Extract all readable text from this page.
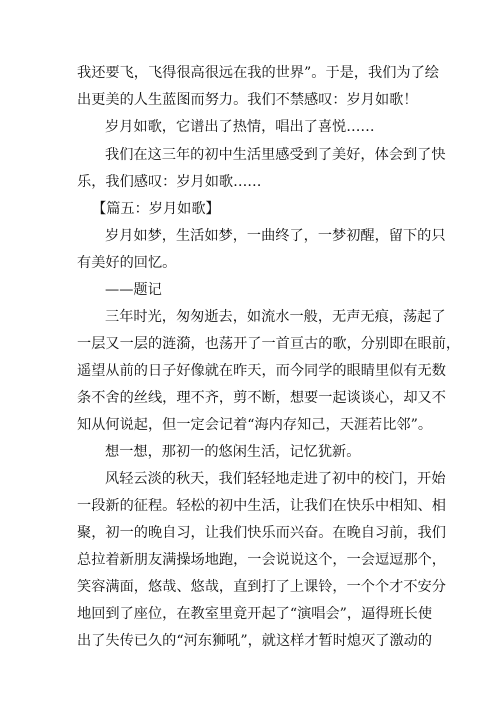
我还要飞，飞得很高很远在我的世界”。于是，我们为了绘
出更美的人生蓝图而努力。我们不禁感叹：岁月如歌！
岁月如歌，它谱出了热情，唱出了喜悦……
我们在这三年的初中生活里感受到了美好，体会到了快
乐，我们感叹：岁月如歌……
【篇五：岁月如歌】
岁月如梦，生活如梦，一曲终了，一梦初醒，留下的只
有美好的回忆。
——题记
三年时光，匆匆逝去，如流水一般，无声无痕，荡起了
一层又一层的涟漪，也荡开了一首亘古的歌，分别即在眼前，
遥望从前的日子好像就在昨天，而今同学的眼睛里似有无数
条不舍的丝线，理不齐，剪不断，想要一起谈谈心，却又不
知从何说起，但一定会记着“海内存知己，天涯若比邻”。
想一想，那初一的悠闲生活，记忆犹新。
风轻云淡的秋天，我们轻轻地走进了初中的校门，开始
一段新的征程。轻松的初中生活，让我们在快乐中相知、相
聚，初一的晚自习，让我们快乐而兴奋。在晚自习前，我们
总拉着新朋友满操场地跑，一会说说这个，一会逗逗那个，
笑容满面，悠哉、悠哉，直到打了上课铃，一个个才不安分
地回到了座位，在教室里竟开起了“演唱会”，逼得班长使
出了失传已久的“河东狮吼”，就这样才暂时熄灭了激动的
